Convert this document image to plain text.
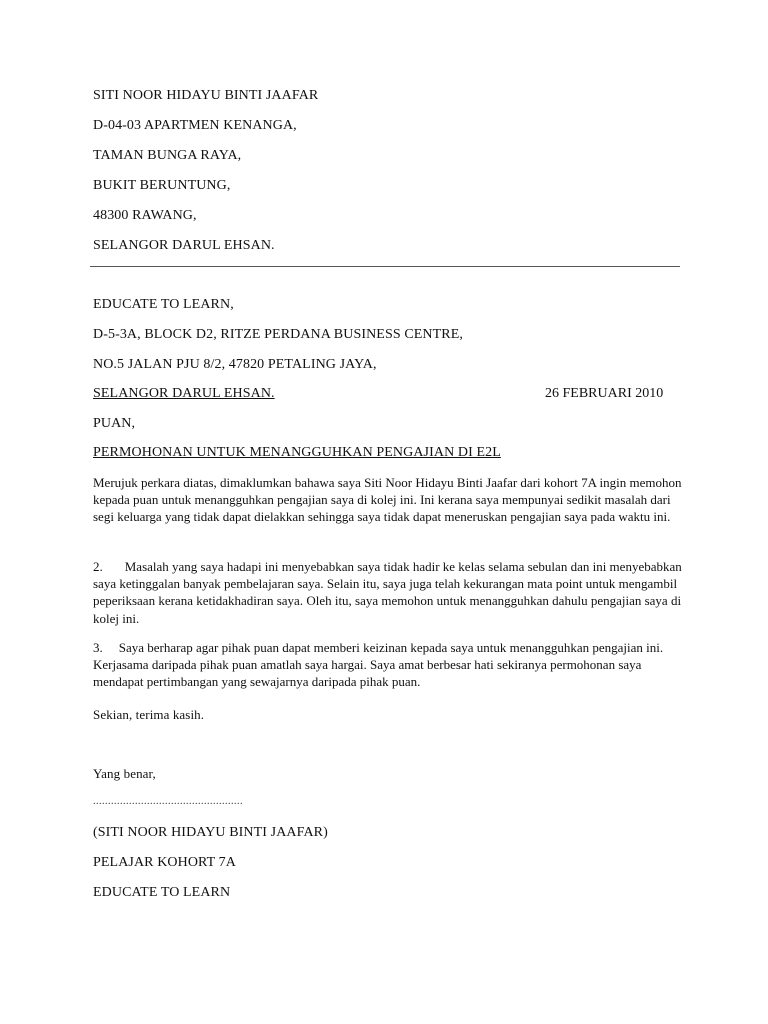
SITI NOOR HIDAYU BINTI JAAFAR
D-04-03 APARTMEN KENANGA,
TAMAN BUNGA RAYA,
BUKIT BERUNTUNG,
48300 RAWANG,
SELANGOR DARUL EHSAN.
EDUCATE TO LEARN,
D-5-3A, BLOCK D2, RITZE PERDANA BUSINESS CENTRE,
NO.5 JALAN PJU 8/2, 47820 PETALING JAYA,
SELANGOR DARUL EHSAN.	26 FEBRUARI 2010
PUAN,
PERMOHONAN UNTUK MENANGGUHKAN PENGAJIAN DI E2L
Merujuk perkara diatas, dimaklumkan bahawa saya Siti Noor Hidayu Binti Jaafar dari kohort 7A ingin memohon kepada puan untuk menangguhkan pengajian saya di kolej ini. Ini kerana saya mempunyai sedikit masalah dari segi keluarga yang tidak dapat dielakkan sehingga saya tidak dapat meneruskan pengajian saya pada waktu ini.
2. Masalah yang saya hadapi ini menyebabkan saya tidak hadir ke kelas selama sebulan dan ini menyebabkan saya ketinggalan banyak pembelajaran saya. Selain itu, saya juga telah kekurangan mata point untuk mengambil peperiksaan kerana ketidakhadiran saya. Oleh itu, saya memohon untuk menangguhkan dahulu pengajian saya di kolej ini.
3. Saya berharap agar pihak puan dapat memberi keizinan kepada saya untuk menangguhkan pengajian ini. Kerjasama daripada pihak puan amatlah saya hargai. Saya amat berbesar hati sekiranya permohonan saya mendapat pertimbangan yang sewajarnya daripada pihak puan.
Sekian, terima kasih.
Yang benar,
..................................................
(SITI NOOR HIDAYU BINTI JAAFAR)
PELAJAR KOHORT 7A
EDUCATE TO LEARN
